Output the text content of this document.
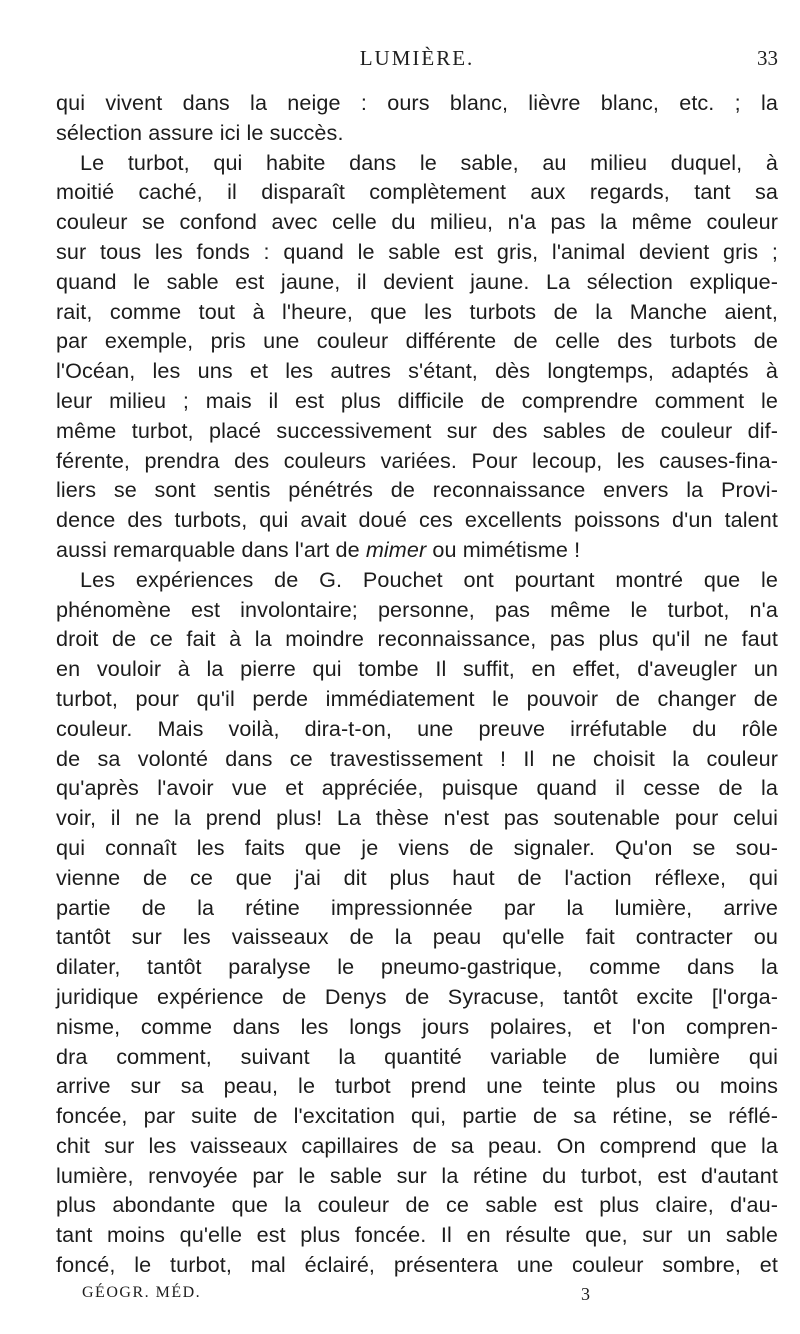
LUMIÈRE.	33
qui vivent dans la neige : ours blanc, lièvre blanc, etc. ; la
sélection assure ici le succès.
Le turbot, qui habite dans le sable, au milieu duquel, à
moitié caché, il disparaît complètement aux regards, tant sa
couleur se confond avec celle du milieu, n'a pas la même couleur
sur tous les fonds : quand le sable est gris, l'animal devient gris ;
quand le sable est jaune, il devient jaune. La sélection explique-
rait, comme tout à l'heure, que les turbots de la Manche aient,
par exemple, pris une couleur différente de celle des turbots de
l'Océan, les uns et les autres s'étant, dès longtemps, adaptés à
leur milieu ; mais il est plus difficile de comprendre comment le
même turbot, placé successivement sur des sables de couleur dif-
férente, prendra des couleurs variées. Pour lecoup, les causes-fina-
liers se sont sentis pénétrés de reconnaissance envers la Provi-
dence des turbots, qui avait doué ces excellents poissons d'un talent
aussi remarquable dans l'art de mimer ou mimétisme !
Les expériences de G. Pouchet ont pourtant montré que le
phénomène est involontaire; personne, pas même le turbot, n'a
droit de ce fait à la moindre reconnaissance, pas plus qu'il ne faut
en vouloir à la pierre qui tombe Il suffit, en effet, d'aveugler un
turbot, pour qu'il perde immédiatement le pouvoir de changer de
couleur. Mais voilà, dira-t-on, une preuve irréfutable du rôle
de sa volonté dans ce travestissement ! Il ne choisit la couleur
qu'après l'avoir vue et appréciée, puisque quand il cesse de la
voir, il ne la prend plus! La thèse n'est pas soutenable pour celui
qui connaît les faits que je viens de signaler. Qu'on se sou-
vienne de ce que j'ai dit plus haut de l'action réflexe, qui
partie de la rétine impressionnée par la lumière, arrive
tantôt sur les vaisseaux de la peau qu'elle fait contracter ou
dilater, tantôt paralyse le pneumo-gastrique, comme dans la
juridique expérience de Denys de Syracuse, tantôt excite [l'orga-
nisme, comme dans les longs jours polaires, et l'on compren-
dra comment, suivant la quantité variable de lumière qui
arrive sur sa peau, le turbot prend une teinte plus ou moins
foncée, par suite de l'excitation qui, partie de sa rétine, se réflé-
chit sur les vaisseaux capillaires de sa peau. On comprend que la
lumière, renvoyée par le sable sur la rétine du turbot, est d'autant
plus abondante que la couleur de ce sable est plus claire, d'au-
tant moins qu'elle est plus foncée. Il en résulte que, sur un sable
foncé, le turbot, mal éclairé, présentera une couleur sombre, et
GÉOGR. MÉD.	3
